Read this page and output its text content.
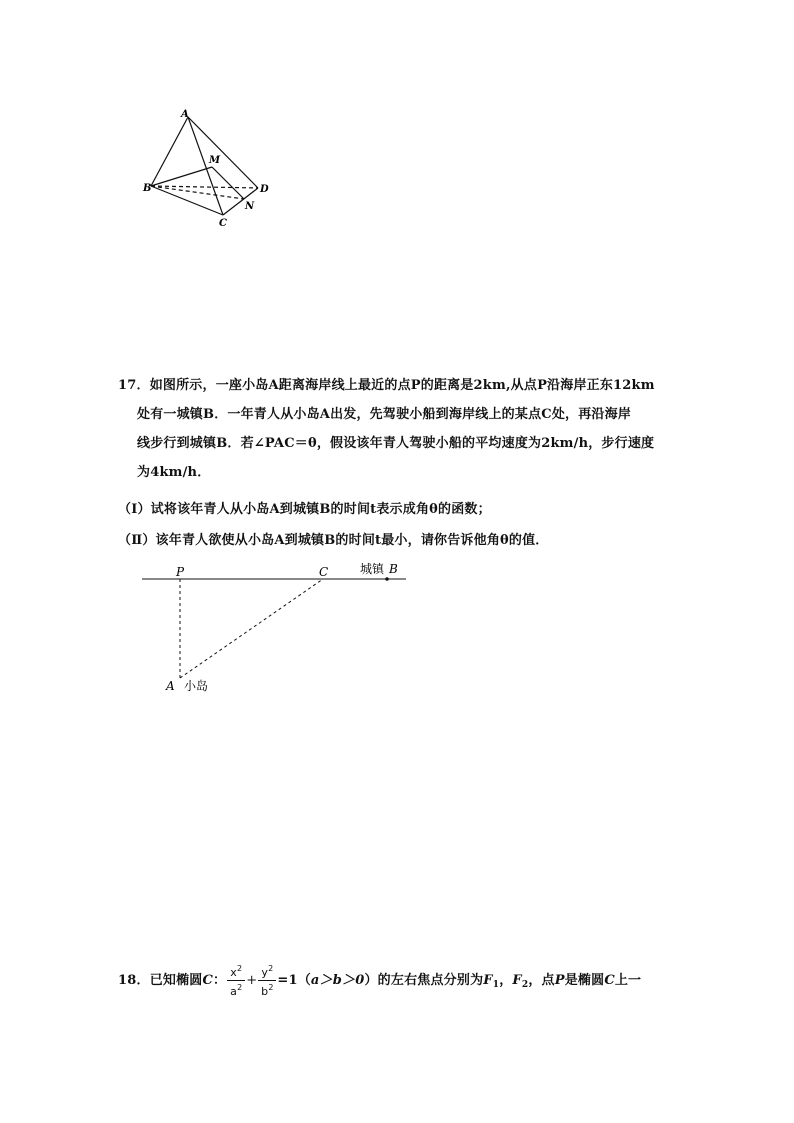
A
M
B	D
N
C
17．如图所示，一座小岛A距离海岸线上最近的点P的距离是2km,从点P沿海岸正东12km
处有一城镇B．一年青人从小岛A出发，先驾驶小船到海岸线上的某点C处，再沿海岸
线步行到城镇B．若∠PAC＝θ，假设该年青人驾驶小船的平均速度为2km/h，步行速度
为4km/h．
（Ⅰ）试将该年青人从小岛A到城镇B的时间t表示成角θ的函数；
（Ⅱ）该年青人欲使从小岛A到城镇B的时间t最小，请你告诉他角θ的值．
P	C	城镇 B
A 小岛
18．已知椭圆C： $\frac{x^2}{a^2} + \frac{y^2}{b^2} =1(a>b>0)$的左右焦点分别为$F_1$，$F_2$，点P是椭圆C上一
